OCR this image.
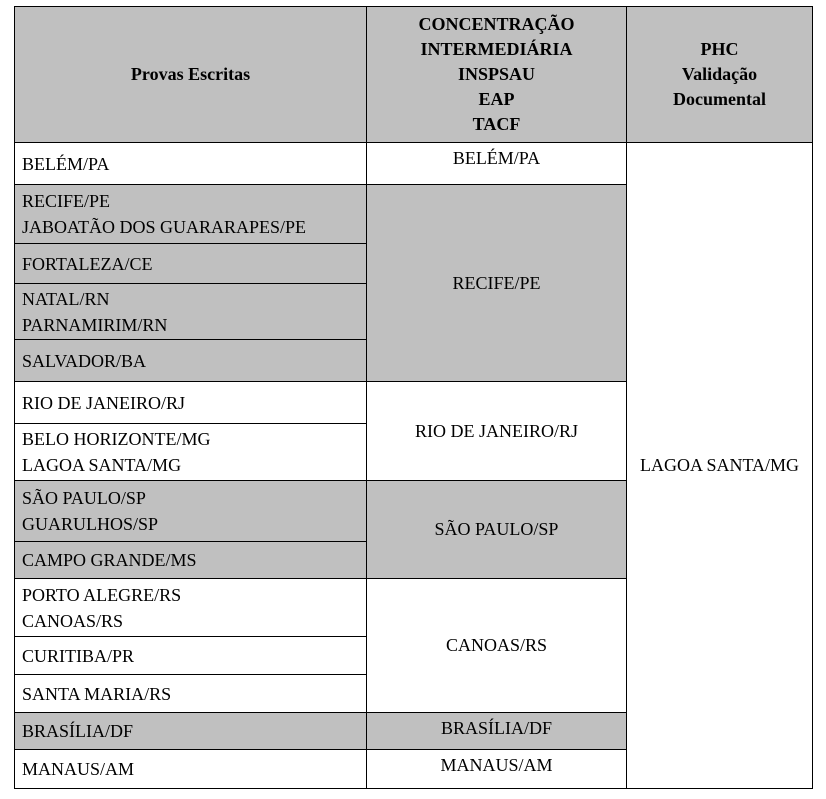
Provas Escritas	CONCENTRAÇÃO
INTERMEDIÁRIA
INSPSAU
EAP
TACF	PHC
Validação
Documental

BELÉM/PA	BELÉM/PA	LAGOA SANTA/MG

RECIFE/PE
JABOATÃO DOS GUARARAPES/PE	RECIFE/PE	

FORTALEZA/CE		

NATAL/RN
PARNAMIRIM/RN		

SALVADOR/BA		

RIO DE JANEIRO/RJ	RIO DE JANEIRO/RJ	

BELO HORIZONTE/MG
LAGOA SANTA/MG		

SÃO PAULO/SP
GUARULHOS/SP	SÃO PAULO/SP	

CAMPO GRANDE/MS		

PORTO ALEGRE/RS
CANOAS/RS	CANOAS/RS	

CURITIBA/PR		

SANTA MARIA/RS		

BRASÍLIA/DF	BRASÍLIA/DF	

MANAUS/AM	MANAUS/AM	
